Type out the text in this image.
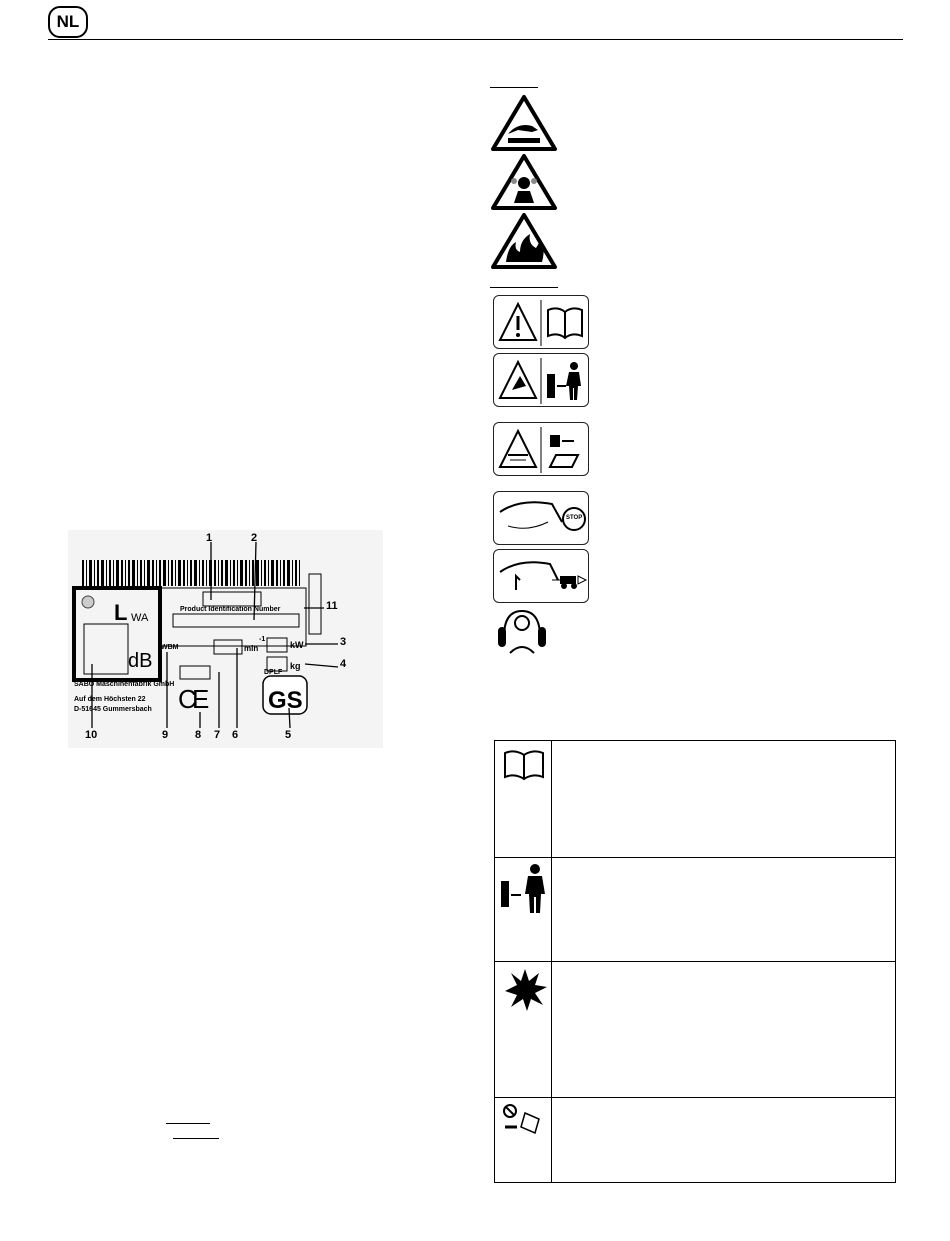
NL
C
E GS
1	2
3
4
5
6
7
8
9
10
11
L WA
dB
Product Identification Number
min
-1
kW
kg
WBM
DPLF
SABO Maschinenfabrik GmbH
Auf dem Höchsten 22
D-51645 Gummersbach
STOP
